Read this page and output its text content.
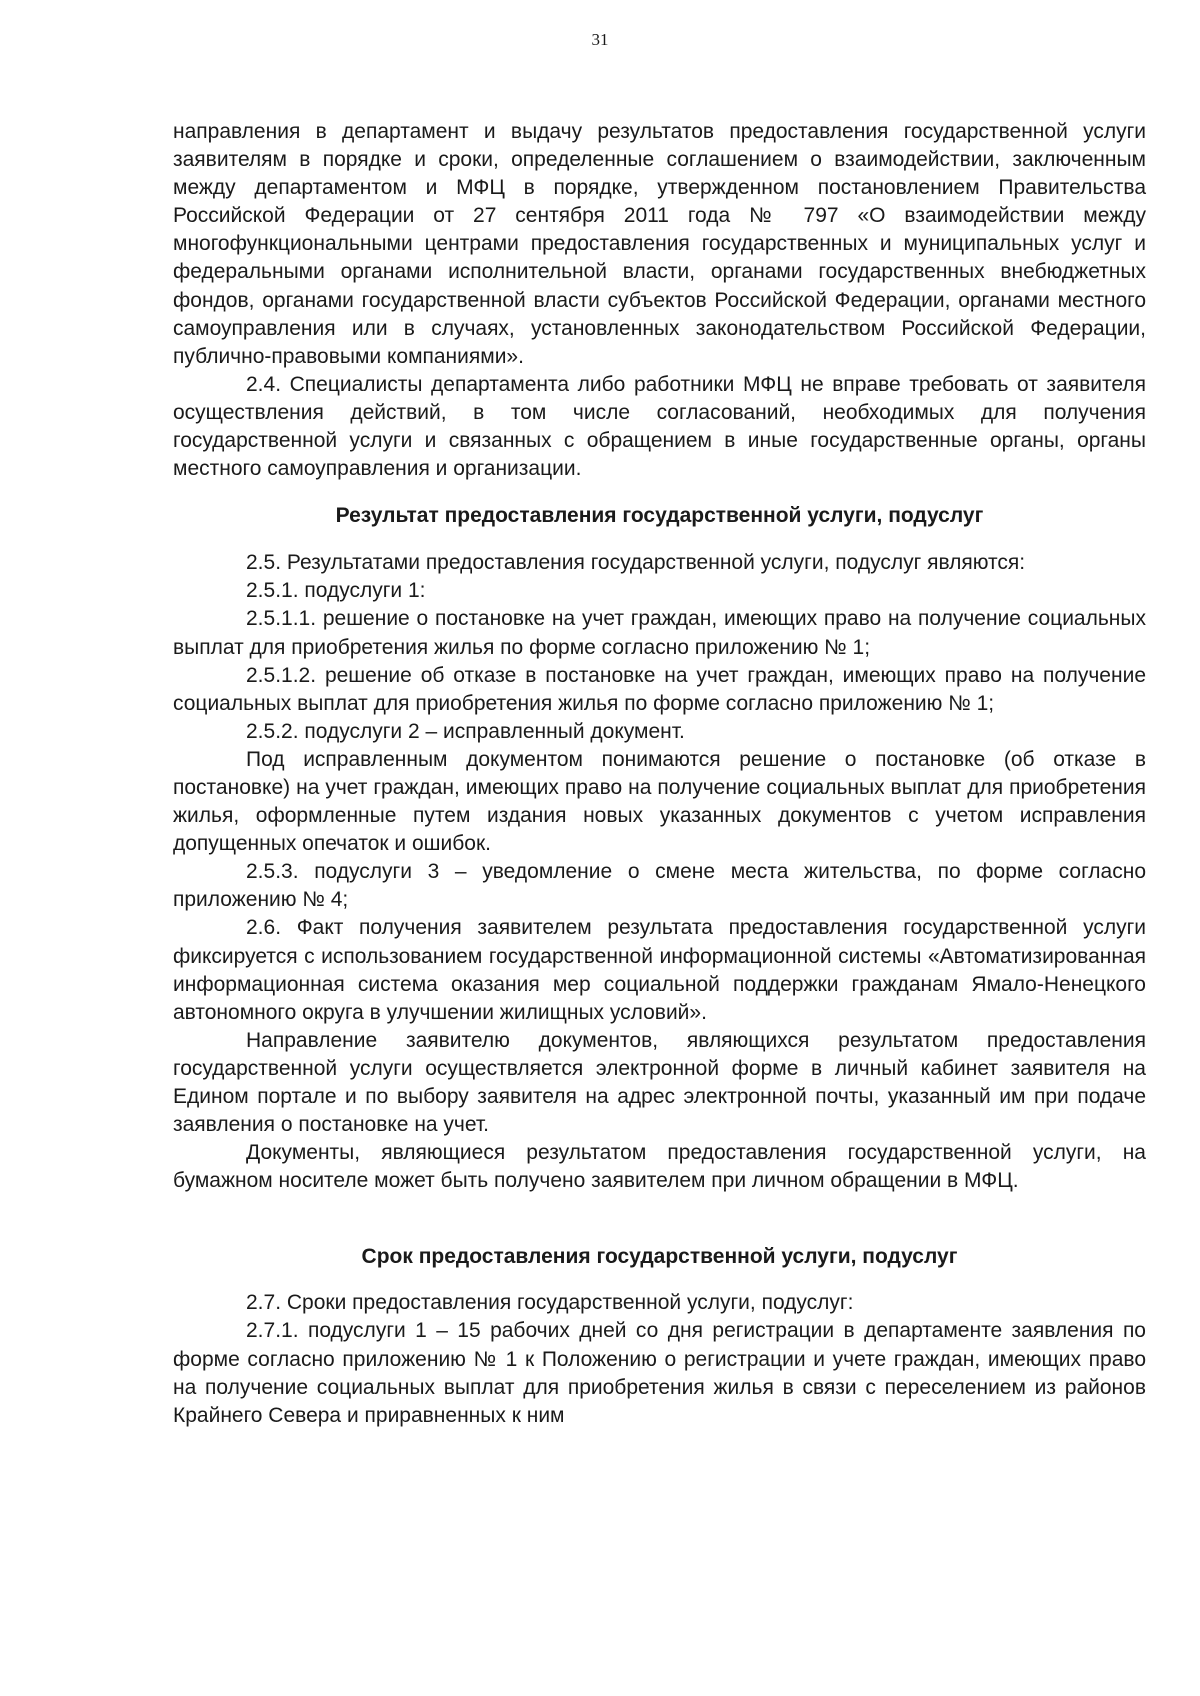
31

направления в департамент и выдачу результатов предоставления государственной услуги заявителям в порядке и сроки, определенные соглашением о взаимодействии, заключенным между департаментом и МФЦ в порядке, утвержденном постановлением Правительства Российской Федерации от 27 сентября 2011 года № 797 «О взаимодействии между многофункциональными центрами предоставления государственных и муниципальных услуг и федеральными органами исполнительной власти, органами государственных внебюджетных фондов, органами государственной власти субъектов Российской Федерации, органами местного самоуправления или в случаях, установленных законодательством Российской Федерации, публично-правовыми компаниями».

2.4. Специалисты департамента либо работники МФЦ не вправе требовать от заявителя осуществления действий, в том числе согласований, необходимых для получения государственной услуги и связанных с обращением в иные государственные органы, органы местного самоуправления и организации.

Результат предоставления государственной услуги, подуслуг

2.5. Результатами предоставления государственной услуги, подуслуг являются:

2.5.1. подуслуги 1:

2.5.1.1. решение о постановке на учет граждан, имеющих право на получение социальных выплат для приобретения жилья по форме согласно приложению № 1;

2.5.1.2. решение об отказе в постановке на учет граждан, имеющих право на получение социальных выплат для приобретения жилья по форме согласно приложению № 1;

2.5.2. подуслуги 2 – исправленный документ.

Под исправленным документом понимаются решение о постановке (об отказе в постановке) на учет граждан, имеющих право на получение социальных выплат для приобретения жилья, оформленные путем издания новых указанных документов с учетом исправления допущенных опечаток и ошибок.

2.5.3. подуслуги 3 – уведомление о смене места жительства, по форме согласно приложению № 4;

2.6. Факт получения заявителем результата предоставления государственной услуги фиксируется с использованием государственной информационной системы «Автоматизированная информационная система оказания мер социальной поддержки гражданам Ямало-Ненецкого автономного округа в улучшении жилищных условий».

Направление заявителю документов, являющихся результатом предоставления государственной услуги осуществляется электронной форме в личный кабинет заявителя на Едином портале и по выбору заявителя на адрес электронной почты, указанный им при подаче заявления о постановке на учет.

Документы, являющиеся результатом предоставления государственной услуги, на бумажном носителе может быть получено заявителем при личном обращении в МФЦ.

Срок предоставления государственной услуги, подуслуг

2.7. Сроки предоставления государственной услуги, подуслуг:

2.7.1. подуслуги 1 – 15 рабочих дней со дня регистрации в департаменте заявления по форме согласно приложению № 1 к Положению о регистрации и учете граждан, имеющих право на получение социальных выплат для приобретения жилья в связи с переселением из районов Крайнего Севера и приравненных к ним
